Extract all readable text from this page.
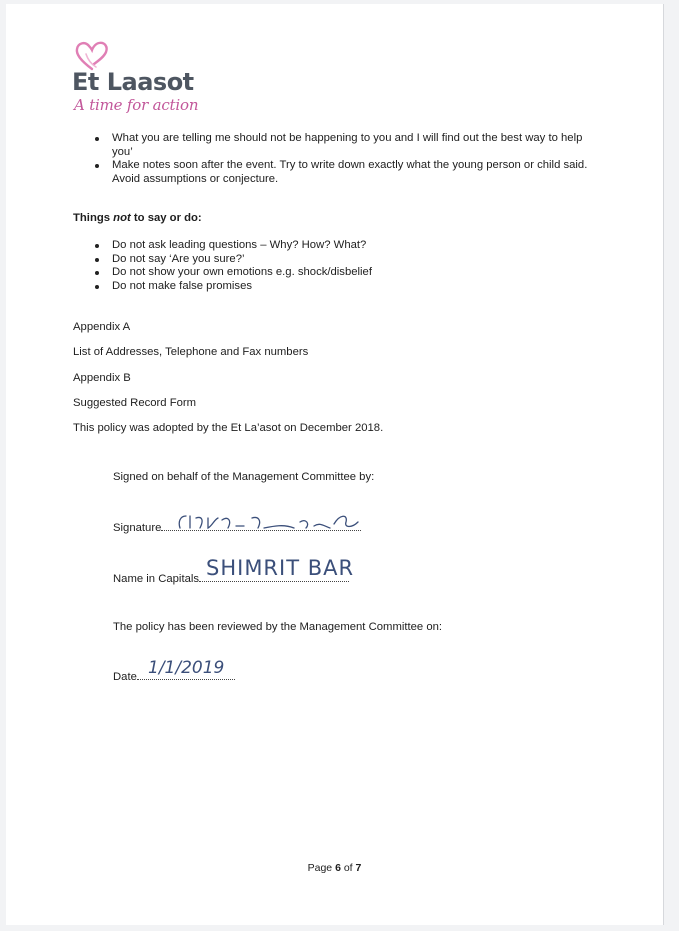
Et Laasot
A time for action
What you are telling me should not be happening to you and I will find out the best way to help you’
Make notes soon after the event. Try to write down exactly what the young person or child said. Avoid assumptions or conjecture.
Things not to say or do:
Do not ask leading questions – Why? How? What?
Do not say ‘Are you sure?’
Do not show your own emotions e.g. shock/disbelief
Do not make false promises
Appendix A
List of Addresses, Telephone and Fax numbers
Appendix B
Suggested Record Form
This policy was adopted by the Et La’asot on December 2018.
Signed on behalf of the Management Committee by:
Signature
Name in Capitals SHIMRIT BAR
The policy has been reviewed by the Management Committee on:
Date 1/1/2019
Page 6 of 7
